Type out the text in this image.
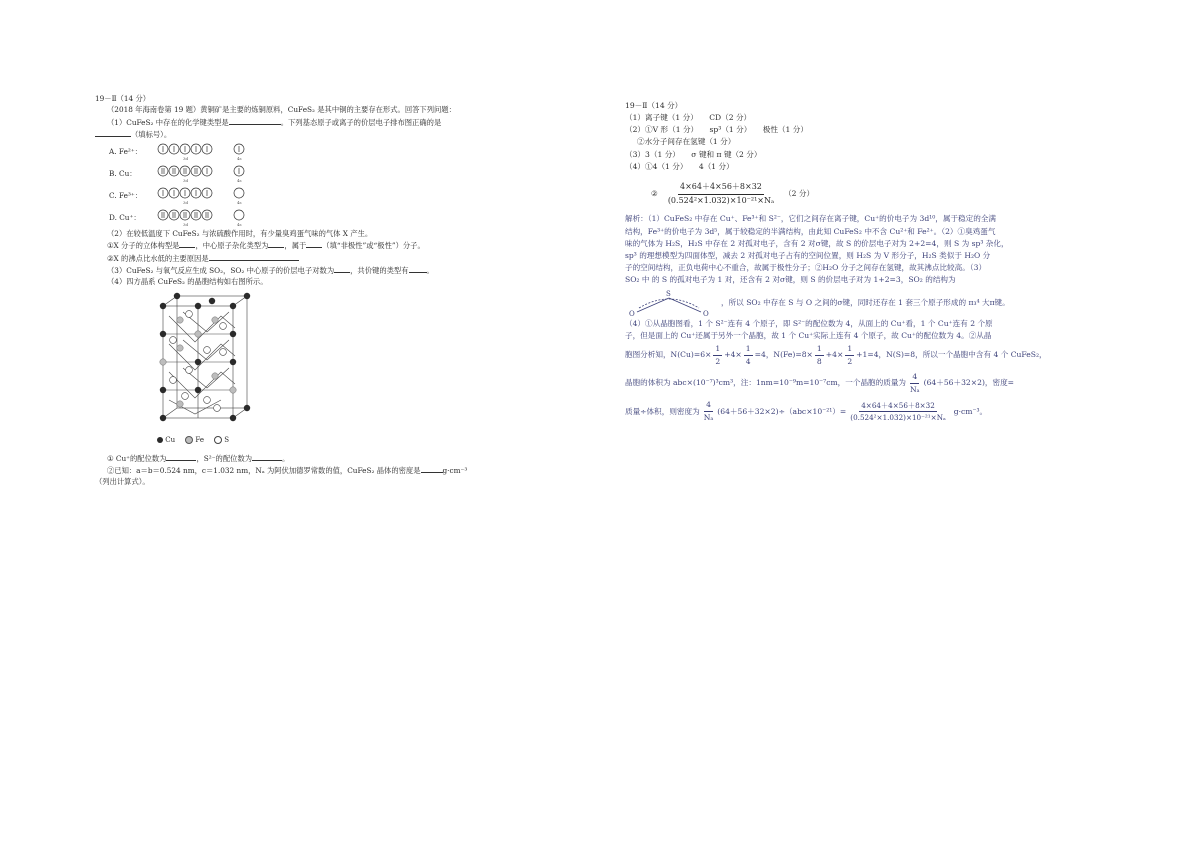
19－Ⅱ（14 分）
（2018 年海南卷第 19 题）黄铜矿是主要的炼铜原料，CuFeS₂ 是其中铜的主要存在形式。回答下列问题：
（1）CuFeS₂ 中存在的化学键类型是	。下列基态原子或离子的价层电子排布图正确的是
（填标号）。
A. Fe²⁺：
3d	4s
B. Cu：
3d	4s
C. Fe³⁺：
3d	4s
D. Cu⁺：
3d	4s
（2）在较低温度下 CuFeS₂ 与浓硫酸作用时，有少量臭鸡蛋气味的气体 X 产生。
①X 分子的立体构型是 ，中心原子杂化类型为 ，属于 （填“非极性”或“极性”）分子。
②X 的沸点比水低的主要原因是
（3）CuFeS₂ 与氧气反应生成 SO₂，SO₂ 中心原子的价层电子对数为 ，共价键的类型有 。
（4）四方晶系 CuFeS₂ 的晶胞结构如右图所示。
Cu	Fe	S
① Cu⁺的配位数为	，S²⁻的配位数为	。
②已知：a＝b＝0.524 nm，c＝1.032 nm，Nₐ 为阿伏加德罗常数的值，CuFeS₂ 晶体的密度是	g·cm⁻³
（列出计算式）。
19－Ⅱ（14 分）
（1）离子键（1 分）　　CD（2 分）
（2）①V 形（1 分）　　sp³（1 分）　　极性（1 分）
②水分子间存在氢键（1 分）
（3）3（1 分）　　σ 键和 π 键（2 分）
（4）①4（1 分）　　4（1 分）
② $\frac{4\times 64+4\times 56+8\times 32}{\text{(0.524²×1.032)×10⁻²¹×Nₐ}} (2$ 分）
解析：（1）CuFeS₂ 中存在 Cu⁺、Fe³⁺和 S²⁻，它们之间存在离子键，Cu⁺的价电子为 3d¹⁰，属于稳定的全满
结构，Fe³⁺的价电子为 3d⁵，属于较稳定的半满结构，由此知 CuFeS₂ 中不含 Cu²⁺和 Fe²⁺。（2）①臭鸡蛋气
味的气体为 H₂S，H₂S 中存在 2 对孤对电子，含有 2 对σ键，故 S 的价层电子对为 2+2=4，则 S 为 sp³ 杂化，
sp³ 的理想模型为四面体型，减去 2 对孤对电子占有的空间位置，则 H₂S 为 V 形分子，H₂S 类似于 H₂O 分
子的空间结构，正负电荷中心不重合，故属于极性分子；②H₂O 分子之间存在氢键，故其沸点比较高。（3）
SO₂ 中 的 S 的孤对电子为 1 对，还含有 2 对σ键，则 S 的价层电子对为 1+2=3，SO₂ 的结构为
S
O	O
，所以 SO₂ 中存在 S 与 O 之间的σ键，同时还存在 1 套三个原子形成的 π₃⁴ 大π键。
（4）①从晶胞图看，1 个 S²⁻连有 4 个原子，即 S²⁻的配位数为 4，从面上的 Cu⁺看，1 个 Cu⁺连有 2 个原
子，但是面上的 Cu⁺还属于另外一个晶胞，故 1 个 Cu⁺实际上连有 4 个原子，故 Cu⁺的配位数为 4。②从晶
胞图分析知，$N(Cu)=6\times \frac{1}{2} +4\times \frac{1}{4} =4$，$N(Fe)=8\times \frac{1}{8} +4\times \frac{1}{2} +1=4$，N(S)=8，所以一个晶胞中含有 4 个 CuFeS₂，
晶胞的体积为 abc×(10⁻⁷)³cm³，注：1nm=10⁻⁹m=10⁻⁷cm，一个晶胞的质量为 $\frac{4}{\text{Nₐ}} (64+56+32\times 2)$，密度=
质量÷体积，则密度为 $\frac{4}{\text{Nₐ}} (64+56+32\times 2)\div(abc\times 10^{-21})= \frac{4\times 64+4\times 56+8\times 32}{\text{(0.524²×1.032)×10⁻²¹×Nₐ}} g\cdot cm^{-3}$。
